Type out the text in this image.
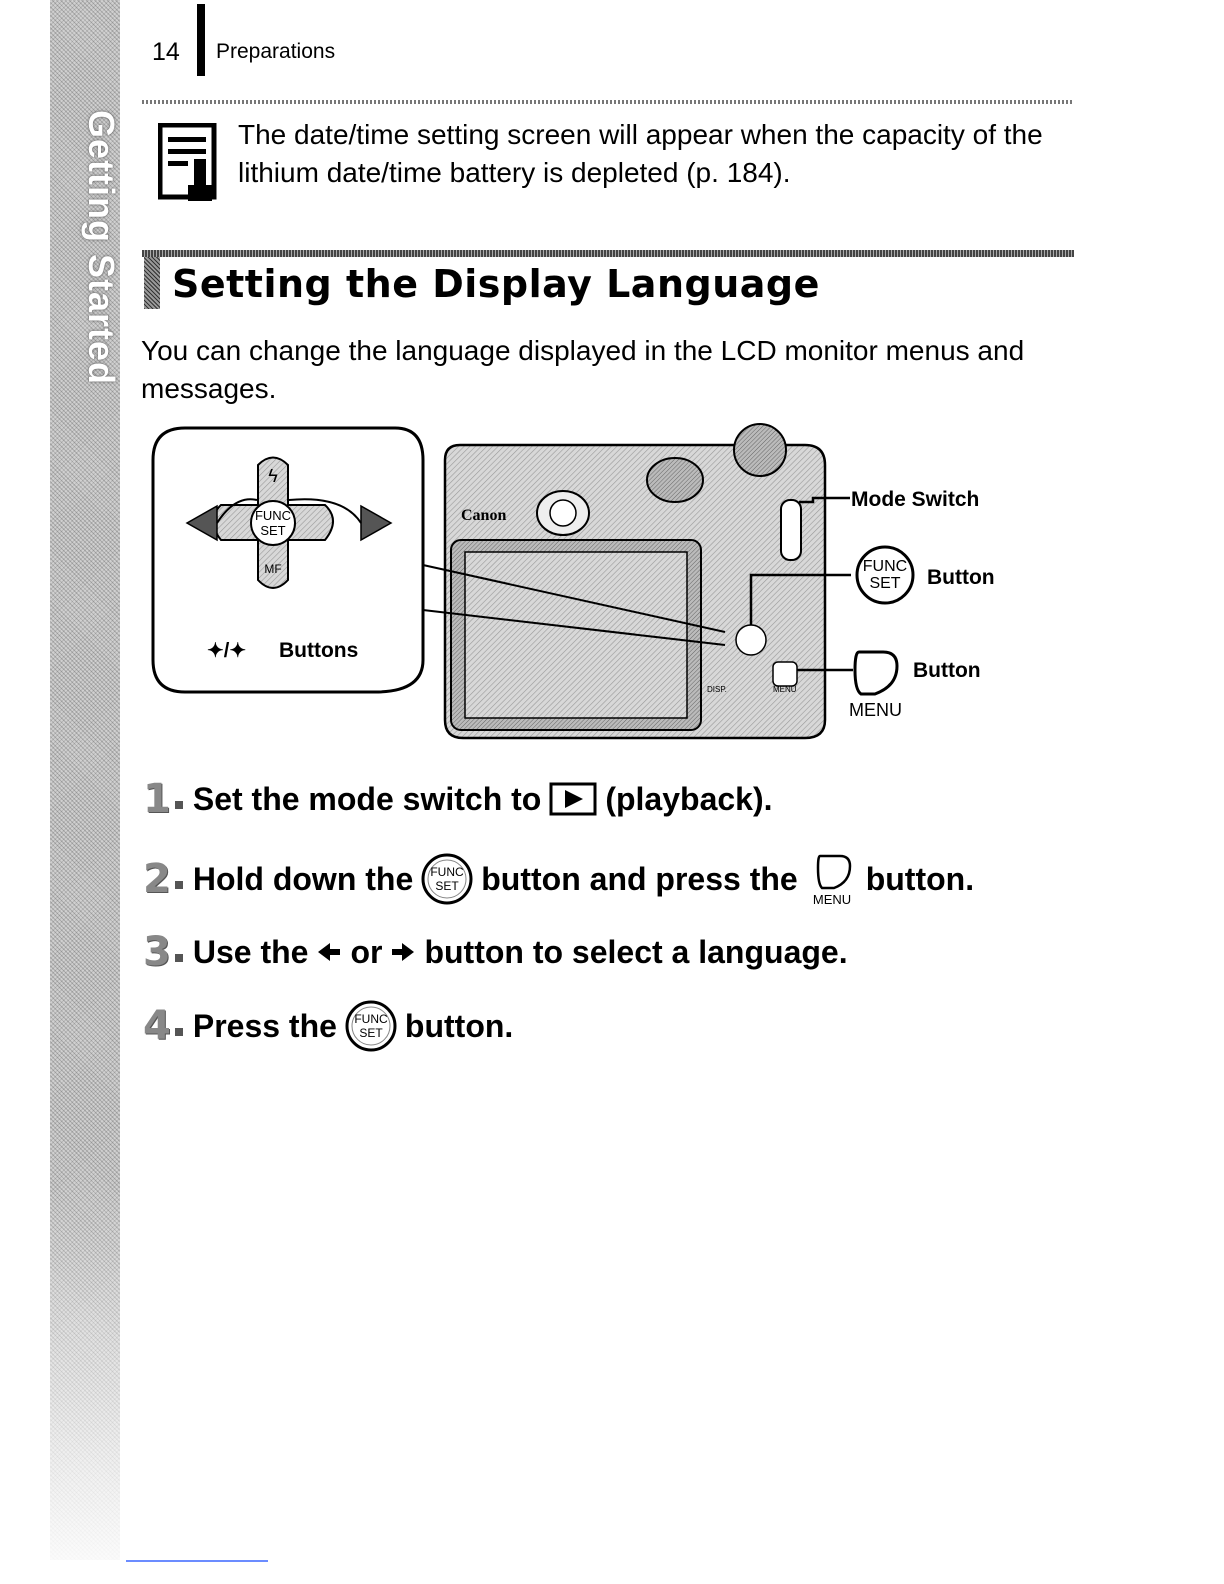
Getting Started
14 Preparations
The date/time setting screen will appear when the capacity of the lithium date/time battery is depleted (p. 184).
Setting the Display Language
You can change the language displayed in the LCD monitor menus and messages.
FUNC
SET
ϟ
MF
✦/✦ Buttons
Canon
DISP.	MENU
Mode Switch
FUNC
SET Button
MENU
Button
1 Set the mode switch to (playback).
2 Hold down the FUNC
SET button and press the
MENU
button.
3 Use the or button to select a language.
4 Press the FUNC
SET button.
